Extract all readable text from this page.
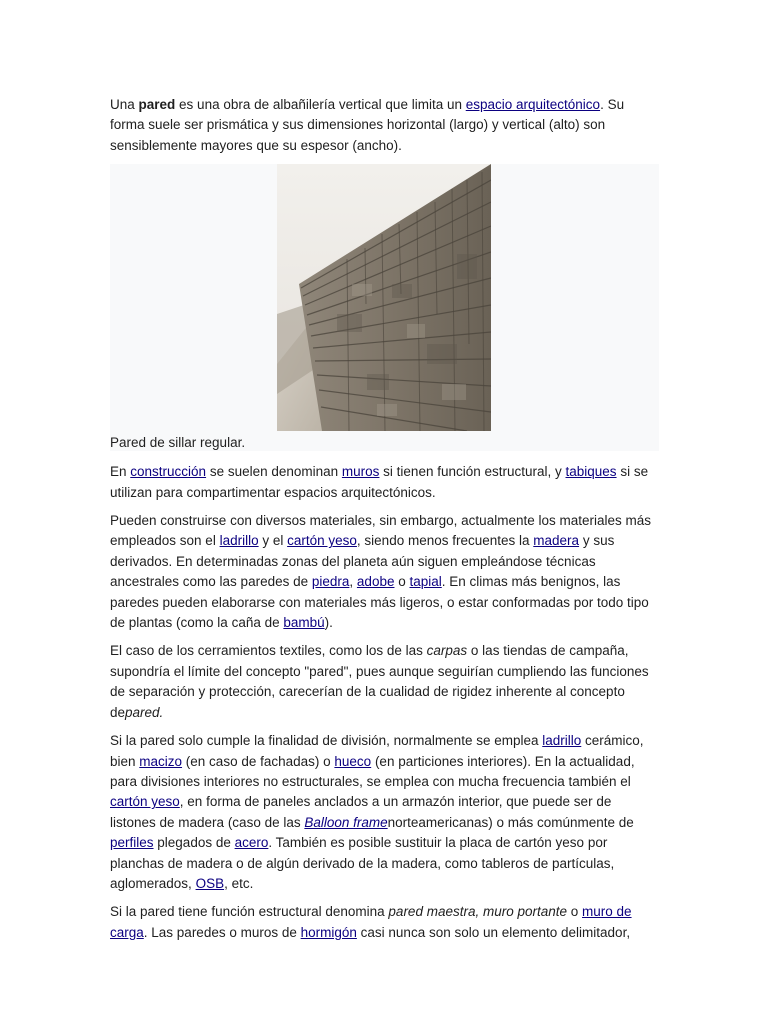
Una pared es una obra de albañilería vertical que limita un espacio arquitectónico. Su forma suele ser prismática y sus dimensiones horizontal (largo) y vertical (alto) son sensiblemente mayores que su espesor (ancho).

Pared de sillar regular.

En construcción se suelen denominan muros si tienen función estructural, y tabiques si se utilizan para compartimentar espacios arquitectónicos.

Pueden construirse con diversos materiales, sin embargo, actualmente los materiales más empleados son el ladrillo y el cartón yeso, siendo menos frecuentes la madera y sus derivados. En determinadas zonas del planeta aún siguen empleándose técnicas ancestrales como las paredes de piedra, adobe o tapial. En climas más benignos, las paredes pueden elaborarse con materiales más ligeros, o estar conformadas por todo tipo de plantas (como la caña de bambú).

El caso de los cerramientos textiles, como los de las carpas o las tiendas de campaña, supondría el límite del concepto "pared", pues aunque seguirían cumpliendo las funciones de separación y protección, carecerían de la cualidad de rigidez inherente al concepto depared.

Si la pared solo cumple la finalidad de división, normalmente se emplea ladrillo cerámico, bien macizo (en caso de fachadas) o hueco (en particiones interiores). En la actualidad, para divisiones interiores no estructurales, se emplea con mucha frecuencia también el cartón yeso, en forma de paneles anclados a un armazón interior, que puede ser de listones de madera (caso de las Balloon framenorteamericanas) o más comúnmente de perfiles plegados de acero. También es posible sustituir la placa de cartón yeso por planchas de madera o de algún derivado de la madera, como tableros de partículas, aglomerados, OSB, etc.

Si la pared tiene función estructural denomina pared maestra, muro portante o muro de carga. Las paredes o muros de hormigón casi nunca son solo un elemento delimitador,
